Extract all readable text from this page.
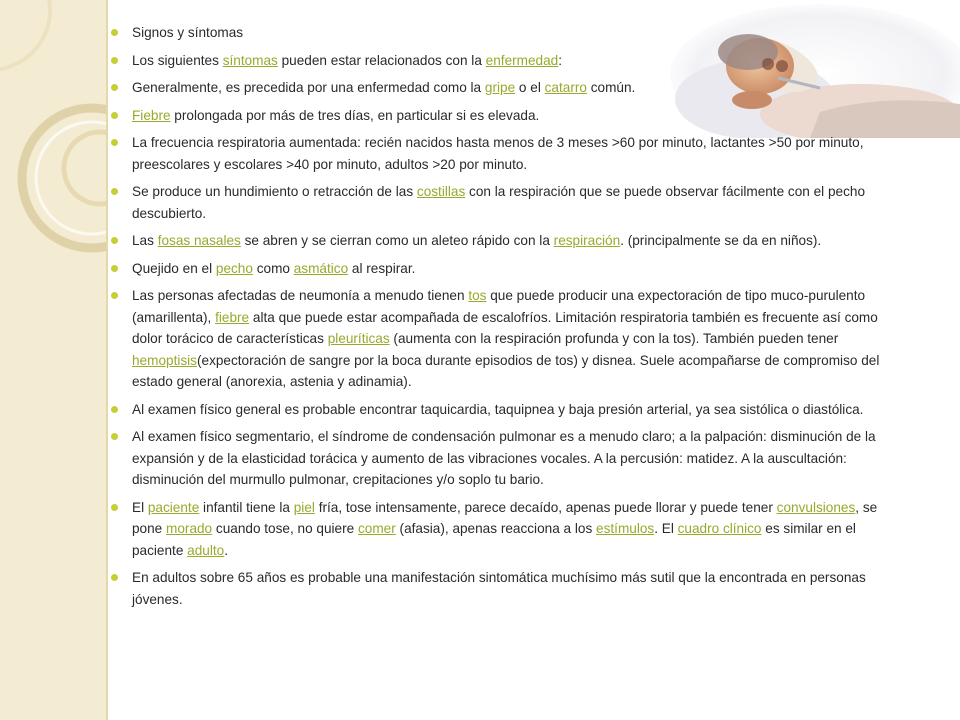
Signos y síntomas
Los siguientes síntomas pueden estar relacionados con la enfermedad:
Generalmente, es precedida por una enfermedad como la gripe o el catarro común.
Fiebre prolongada por más de tres días, en particular si es elevada.
La frecuencia respiratoria aumentada: recién nacidos hasta menos de 3 meses >60 por minuto, lactantes >50 por minuto, preescolares y escolares >40 por minuto, adultos >20 por minuto.
Se produce un hundimiento o retracción de las costillas con la respiración que se puede observar fácilmente con el pecho descubierto.
Las fosas nasales se abren y se cierran como un aleteo rápido con la respiración. (principalmente se da en niños).
Quejido en el pecho como asmático al respirar.
Las personas afectadas de neumonía a menudo tienen tos que puede producir una expectoración de tipo muco-purulento (amarillenta), fiebre alta que puede estar acompañada de escalofríos. Limitación respiratoria también es frecuente así como dolor torácico de características pleuríticas (aumenta con la respiración profunda y con la tos). También pueden tener hemoptisis(expectoración de sangre por la boca durante episodios de tos) y disnea. Suele acompañarse de compromiso del estado general (anorexia, astenia y adinamia).
Al examen físico general es probable encontrar taquicardia, taquipnea y baja presión arterial, ya sea sistólica o diastólica.
Al examen físico segmentario, el síndrome de condensación pulmonar es a menudo claro; a la palpación: disminución de la expansión y de la elasticidad torácica y aumento de las vibraciones vocales. A la percusión: matidez. A la auscultación: disminución del murmullo pulmonar, crepitaciones y/o soplo tu bario.
El paciente infantil tiene la piel fría, tose intensamente, parece decaído, apenas puede llorar y puede tener convulsiones, se pone morado cuando tose, no quiere comer (afasia), apenas reacciona a los estímulos. El cuadro clínico es similar en el paciente adulto.
En adultos sobre 65 años es probable una manifestación sintomática muchísimo más sutil que la encontrada en personas jóvenes.
